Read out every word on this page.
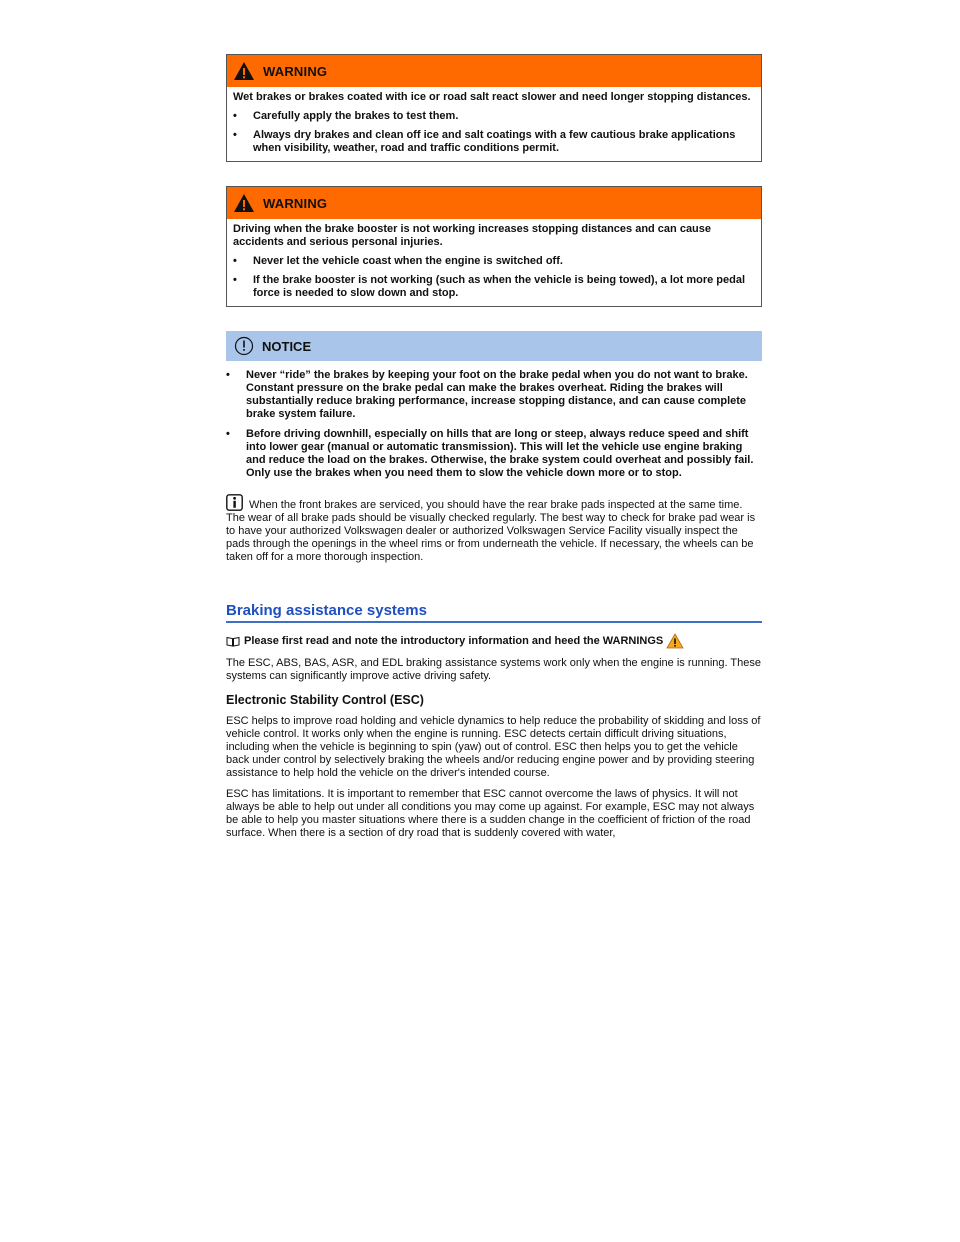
WARNING

Wet brakes or brakes coated with ice or road salt react slower and need longer stopping distances.

•	Carefully apply the brakes to test them.
•	Always dry brakes and clean off ice and salt coatings with a few cautious brake applications when visibility, weather, road and traffic conditions permit.
WARNING

Driving when the brake booster is not working increases stopping distances and can cause accidents and serious personal injuries.

•	Never let the vehicle coast when the engine is switched off.
•	If the brake booster is not working (such as when the vehicle is being towed), a lot more pedal force is needed to slow down and stop.
NOTICE
•	Never “ride” the brakes by keeping your foot on the brake pedal when you do not want to brake. Constant pressure on the brake pedal can make the brakes overheat. Riding the brakes will substantially reduce braking performance, increase stopping distance, and can cause complete brake system failure.
•	Before driving downhill, especially on hills that are long or steep, always reduce speed and shift into lower gear (manual or automatic transmission). This will let the vehicle use engine braking and reduce the load on the brakes. Otherwise, the brake system could overheat and possibly fail. Only use the brakes when you need them to slow the vehicle down more or to stop.
When the front brakes are serviced, you should have the rear brake pads inspected at the same time. The wear of all brake pads should be visually checked regularly. The best way to check for brake pad wear is to have your authorized Volkswagen dealer or authorized Volkswagen Service Facility visually inspect the pads through the openings in the wheel rims or from underneath the vehicle. If necessary, the wheels can be taken off for a more thorough inspection.
Braking assistance systems
Please first read and note the introductory information and heed the WARNINGS

The ESC, ABS, BAS, ASR, and EDL braking assistance systems work only when the engine is running. These systems can significantly improve active driving safety.

Electronic Stability Control (ESC)

ESC helps to improve road holding and vehicle dynamics to help reduce the probability of skidding and loss of vehicle control. It works only when the engine is running. ESC detects certain difficult driving situations, including when the vehicle is beginning to spin (yaw) out of control. ESC then helps you to get the vehicle back under control by selectively braking the wheels and/or reducing engine power and by providing steering assistance to help hold the vehicle on the driver's intended course.

ESC has limitations. It is important to remember that ESC cannot overcome the laws of physics. It will not always be able to help out under all conditions you may come up against. For example, ESC may not always be able to help you master situations where there is a sudden change in the coefficient of friction of the road surface. When there is a section of dry road that is suddenly covered with water,
